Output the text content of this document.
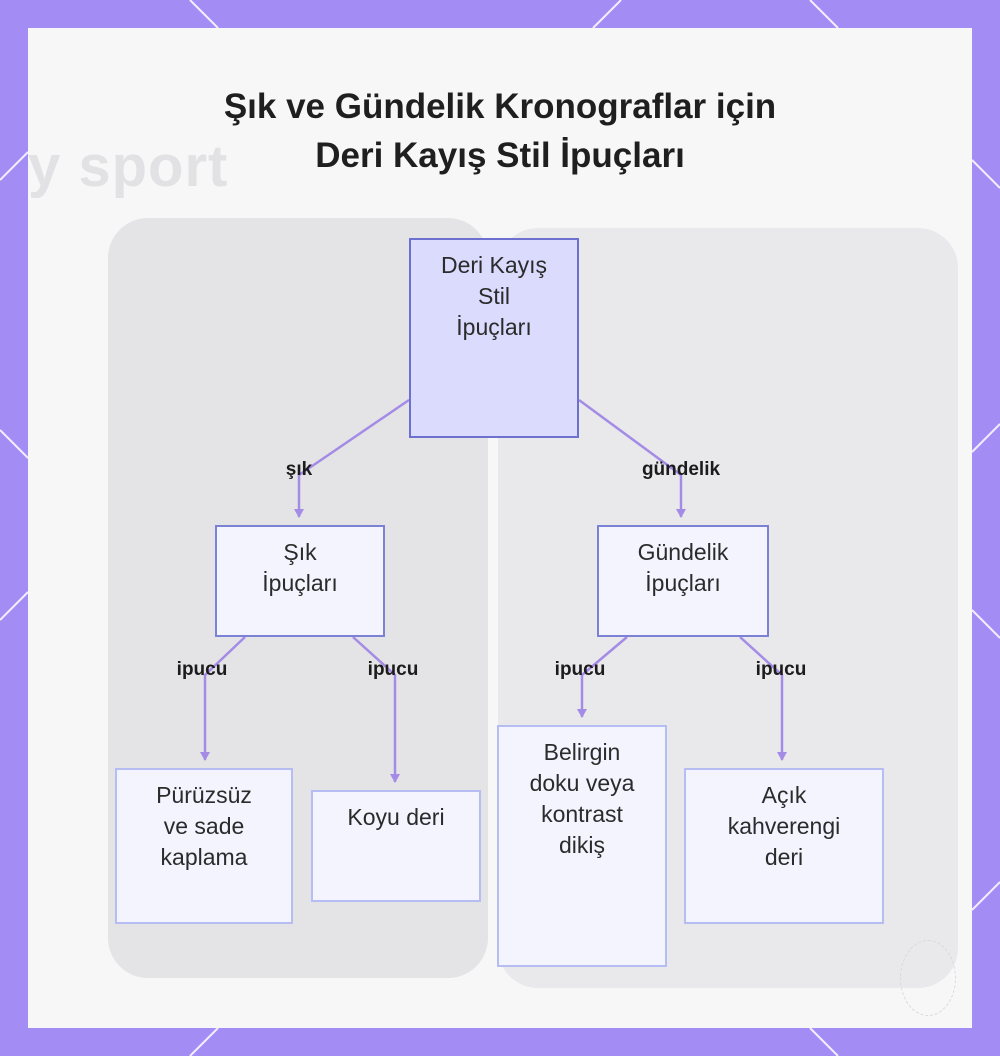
y sport
Şık ve Gündelik Kronograflar için
Deri Kayış Stil İpuçları
Deri Kayış
Stil
İpuçları
Şık
İpuçları
Gündelik
İpuçları
Pürüzsüz
ve sade
kaplama
Koyu deri
Belirgin
doku veya
kontrast
dikiş
Açık
kahverengi
deri
şık	gündelik
ipucu	ipucu	ipucu	ipucu
